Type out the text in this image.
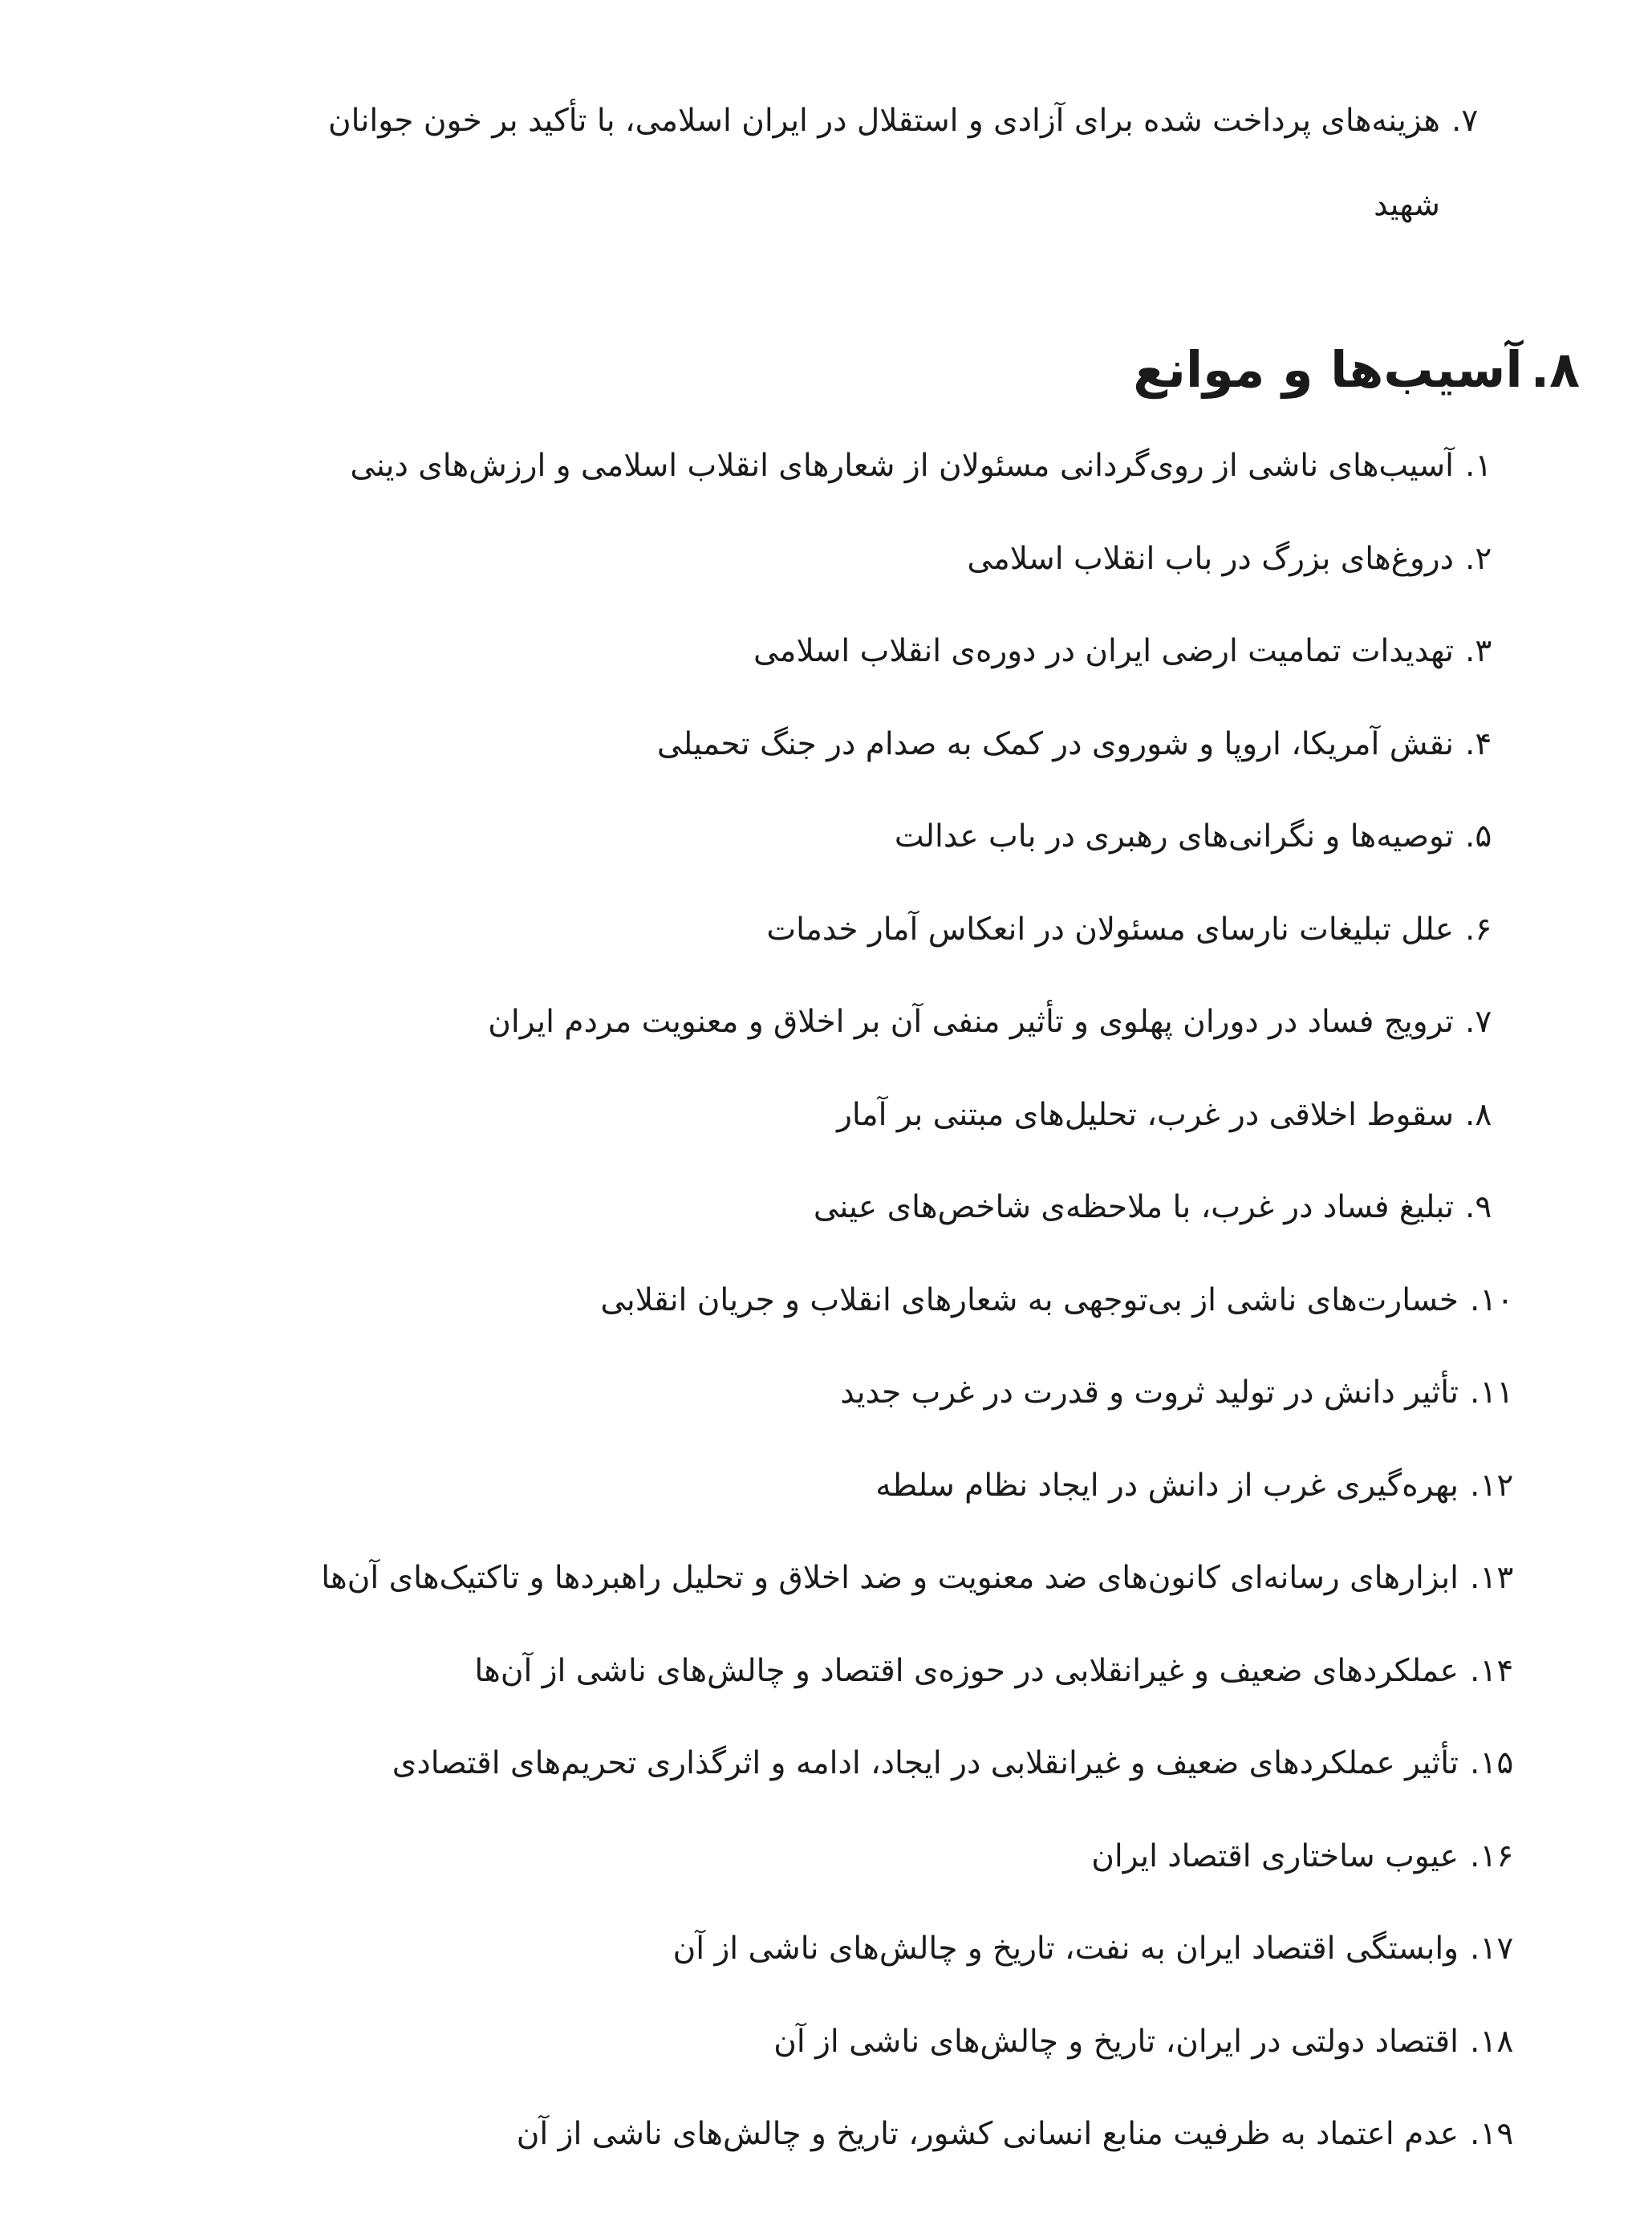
۷.
هزینه‌های پرداخت شده برای آزادی و استقلال در ایران اسلامی، با تأکید بر خون جوانان
شهید
۸.
آسیب‌ها و موانع
۱.
آسیب‌های ناشی از روی‌گردانی مسئولان از شعارهای انقلاب اسلامی و ارزش‌های دینی
۲.
دروغ‌های بزرگ در باب انقلاب اسلامی
۳.
تهدیدات تمامیت ارضی ایران در دوره‌ی انقلاب اسلامی
۴.
نقش آمریکا، اروپا و شوروی در کمک به صدام در جنگ تحمیلی
۵.
توصیه‌ها و نگرانی‌های رهبری در باب عدالت
۶.
علل تبلیغات نارسای مسئولان در انعکاس آمار خدمات
۷.
ترویج فساد در دوران پهلوی و تأثیر منفی آن بر اخلاق و معنویت مردم ایران
۸.
سقوط اخلاقی در غرب، تحلیل‌های مبتنی بر آمار
۹.
تبلیغ فساد در غرب، با ملاحظه‌ی شاخص‌های عینی
۱۰.
خسارت‌های ناشی از بی‌توجهی به شعارهای انقلاب و جریان انقلابی
۱۱.
تأثیر دانش در تولید ثروت و قدرت در غرب جدید
۱۲.
بهره‌گیری غرب از دانش در ایجاد نظام سلطه
۱۳.
ابزارهای رسانه‌ای کانون‌های ضد معنویت و ضد اخلاق و تحلیل راهبردها و تاکتیک‌های آن‌ها
۱۴.
عملکردهای ضعیف و غیرانقلابی در حوزه‌ی اقتصاد و چالش‌های ناشی از آن‌ها
۱۵.
تأثیر عملکردهای ضعیف و غیرانقلابی در ایجاد، ادامه و اثرگذاری تحریم‌های اقتصادی
۱۶.
عیوب ساختاری اقتصاد ایران
۱۷.
وابستگی اقتصاد ایران به نفت، تاریخ و چالش‌های ناشی از آن
۱۸.
اقتصاد دولتی در ایران، تاریخ و چالش‌های ناشی از آن
۱۹.
عدم اعتماد به ظرفیت منابع انسانی کشور، تاریخ و چالش‌های ناشی از آن
